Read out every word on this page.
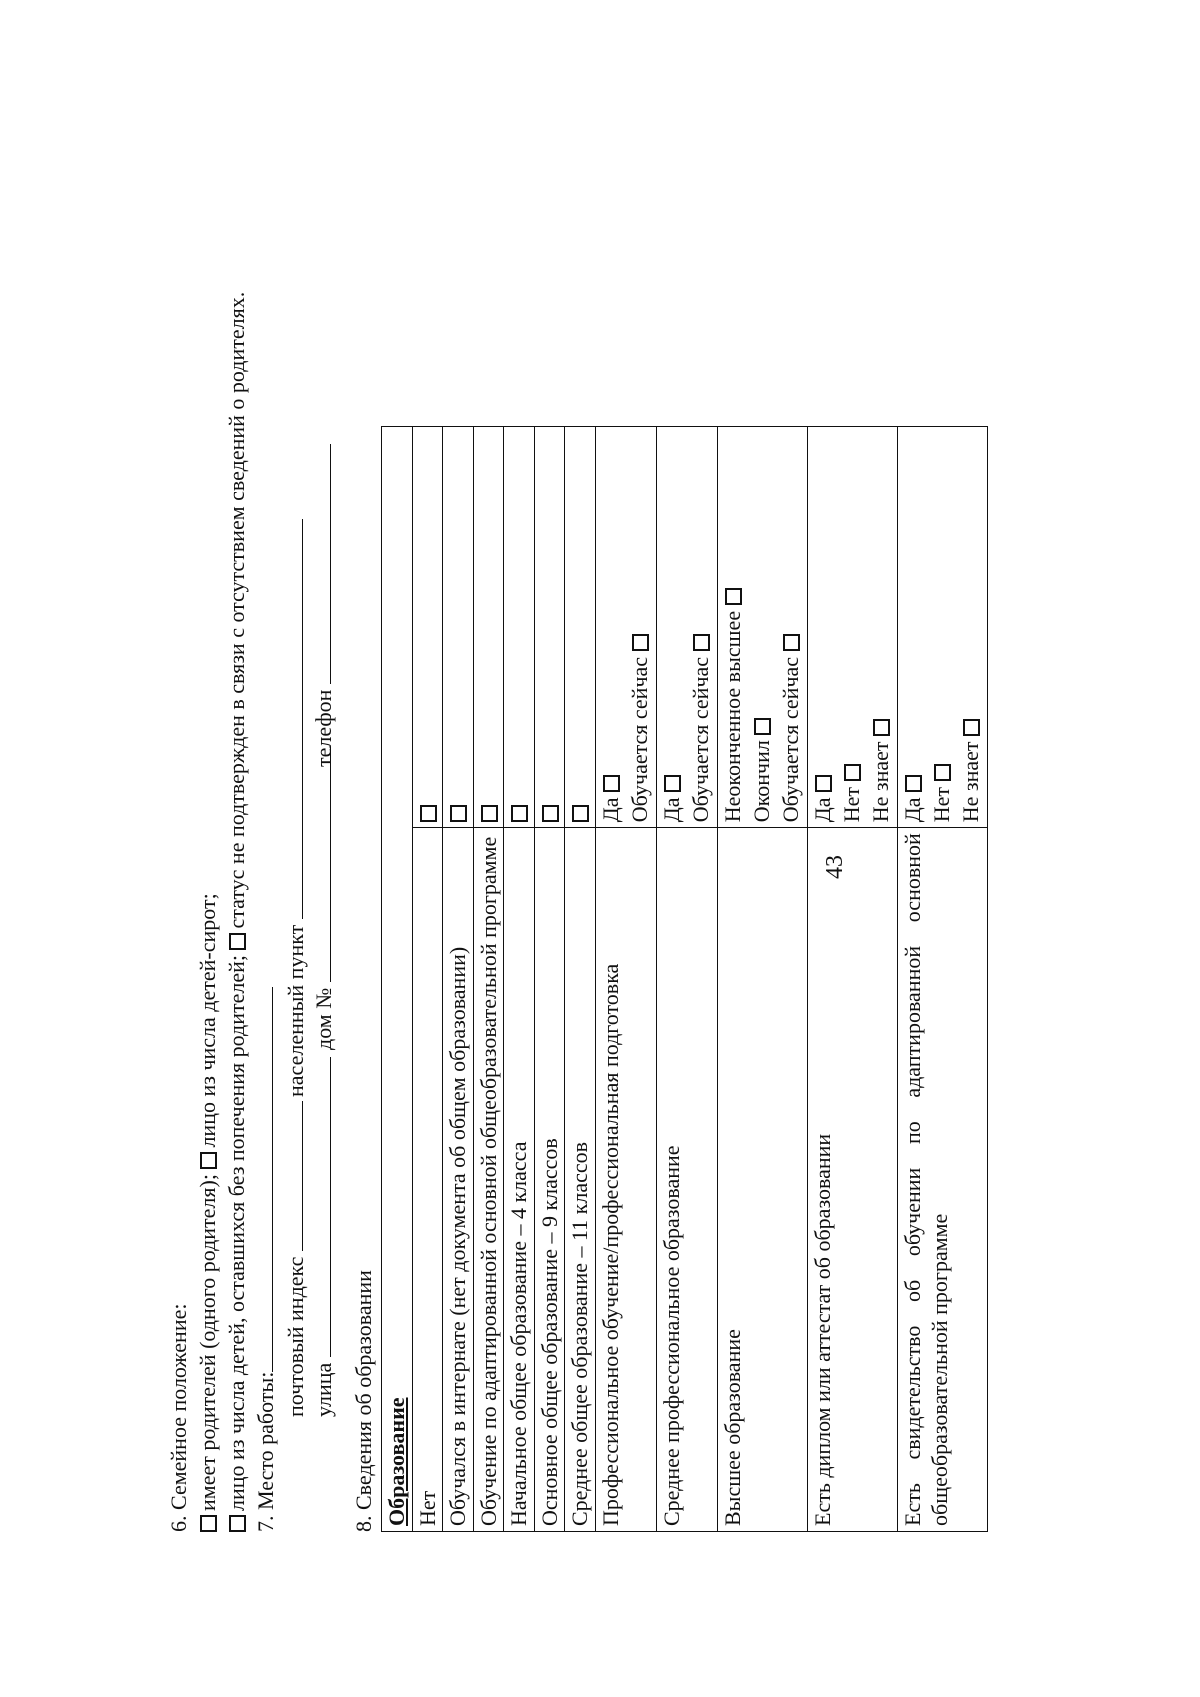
43
6. Семейное положение: имеет родителей (одного родителя); лицо из числа детей-сирот; лицо из числа детей, оставшихся без попечения родителей; статус не подтвержден в связи с отсутствием сведений о родителях.
7. Место работы:
почтовый индекс
населенный пункт
улица
дом №
телефон
8. Сведения об образовании Образование	
Нет	
Обучался в интернате (нет документа об общем образовании)	
Обучение по адаптированной основной общеобразовательной программе	
Начальное общее образование – 4 класса	
Основное общее образование – 9 классов	
Среднее общее образование – 11 классов	
Профессиональное обучение/профессиональная подготовка	Да Обучается сейчас

Среднее профессиональное образование	Да Обучается сейчас

Высшее образование	Неоконченное высшее Окончил Обучается сейчас

Есть диплом или аттестат об образовании	Да Нет Не знает

Есть свидетельство об обучении по адаптированной основной общеобразовательной программе	Да Нет Не знает
